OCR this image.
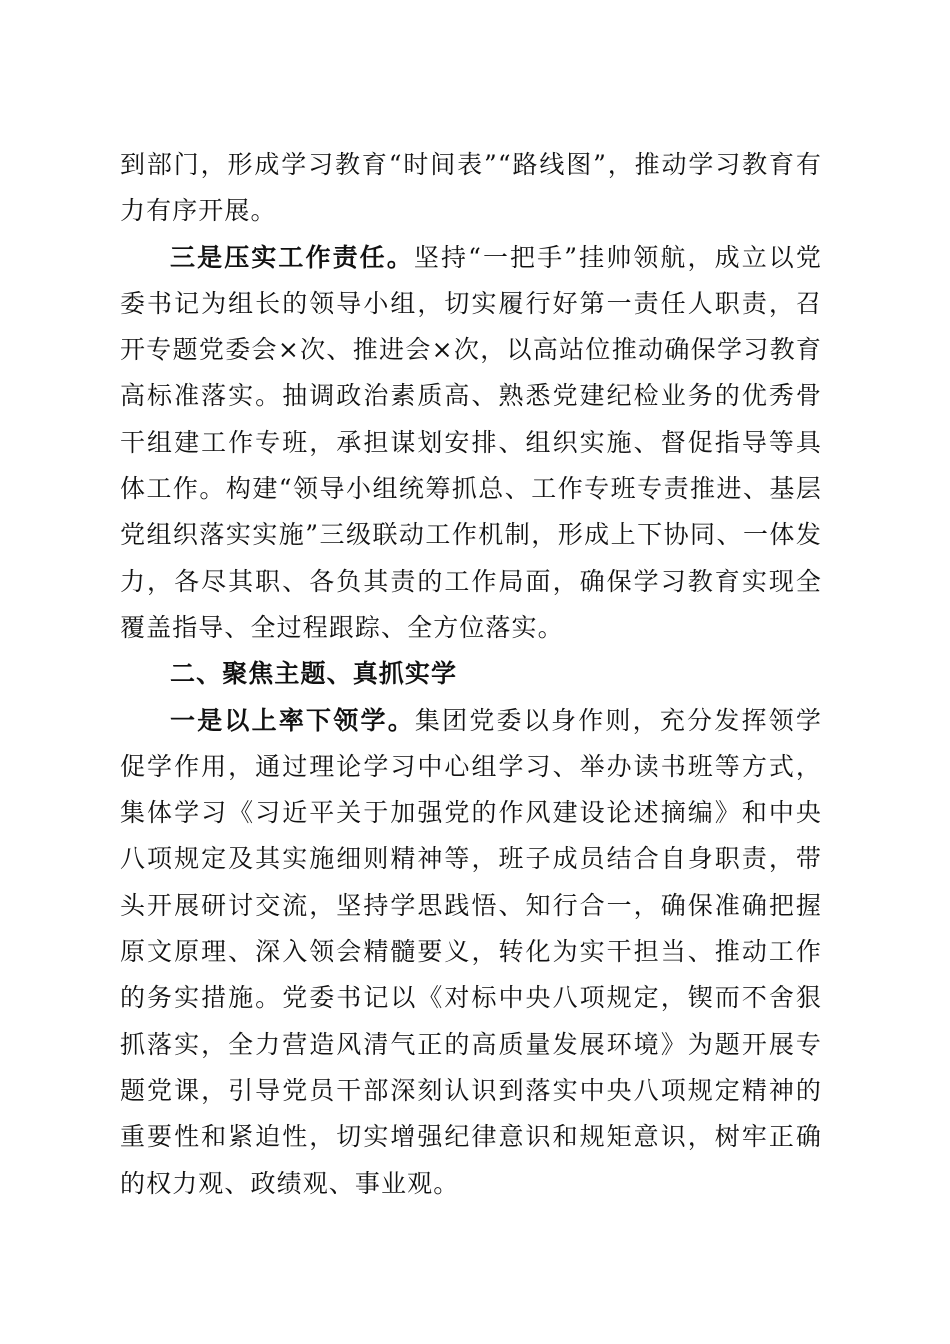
到部门，形成学习教育“时间表”“路线图”，推动学习教育有力有序开展。

三是压实工作责任。坚持“一把手”挂帅领航，成立以党委书记为组长的领导小组，切实履行好第一责任人职责，召开专题党委会×次、推进会×次，以高站位推动确保学习教育高标准落实。抽调政治素质高、熟悉党建纪检业务的优秀骨干组建工作专班，承担谋划安排、组织实施、督促指导等具体工作。构建“领导小组统筹抓总、工作专班专责推进、基层党组织落实实施”三级联动工作机制，形成上下协同、一体发力，各尽其职、各负其责的工作局面，确保学习教育实现全覆盖指导、全过程跟踪、全方位落实。

二、聚焦主题、真抓实学

一是以上率下领学。集团党委以身作则，充分发挥领学促学作用，通过理论学习中心组学习、举办读书班等方式，集体学习《习近平关于加强党的作风建设论述摘编》和中央八项规定及其实施细则精神等，班子成员结合自身职责，带头开展研讨交流，坚持学思践悟、知行合一，确保准确把握原文原理、深入领会精髓要义，转化为实干担当、推动工作的务实措施。党委书记以《对标中央八项规定，锲而不舍狠抓落实，全力营造风清气正的高质量发展环境》为题开展专题党课，引导党员干部深刻认识到落实中央八项规定精神的重要性和紧迫性，切实增强纪律意识和规矩意识，树牢正确的权力观、政绩观、事业观。
